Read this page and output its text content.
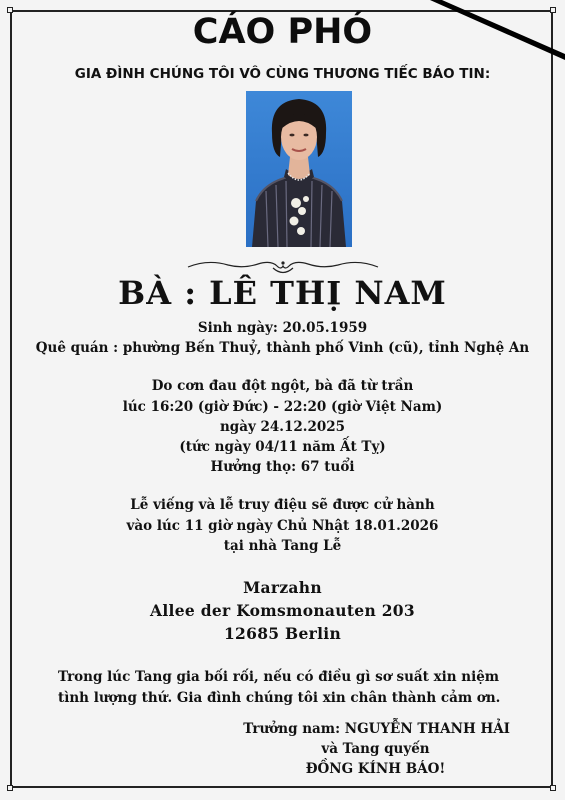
CÁO PHÓ
GIA ĐÌNH CHÚNG TÔI VÔ CÙNG THƯƠNG TIẾC BÁO TIN:
BÀ : LÊ THỊ NAM
Sinh ngày: 20.05.1959
Quê quán : phường Bến Thuỷ, thành phố Vinh (cũ), tỉnh Nghệ An
Do cơn đau đột ngột, bà đã từ trần
lúc 16:20 (giờ Đức) - 22:20 (giờ Việt Nam)
ngày 24.12.2025
(tức ngày 04/11 năm Ất Tỵ)
Hưởng thọ: 67 tuổi
Lễ viếng và lễ truy điệu sẽ được cử hành
vào lúc 11 giờ ngày Chủ Nhật 18.01.2026
tại nhà Tang Lễ
Marzahn
Allee der Komsmonauten 203
12685 Berlin
Trong lúc Tang gia bối rối, nếu có điều gì sơ suất xin niệm tình lượng thứ. Gia đình chúng tôi xin chân thành cảm ơn.
Trưởng nam: NGUYỄN THANH HẢI
và Tang quyến
ĐỒNG KÍNH BÁO!
